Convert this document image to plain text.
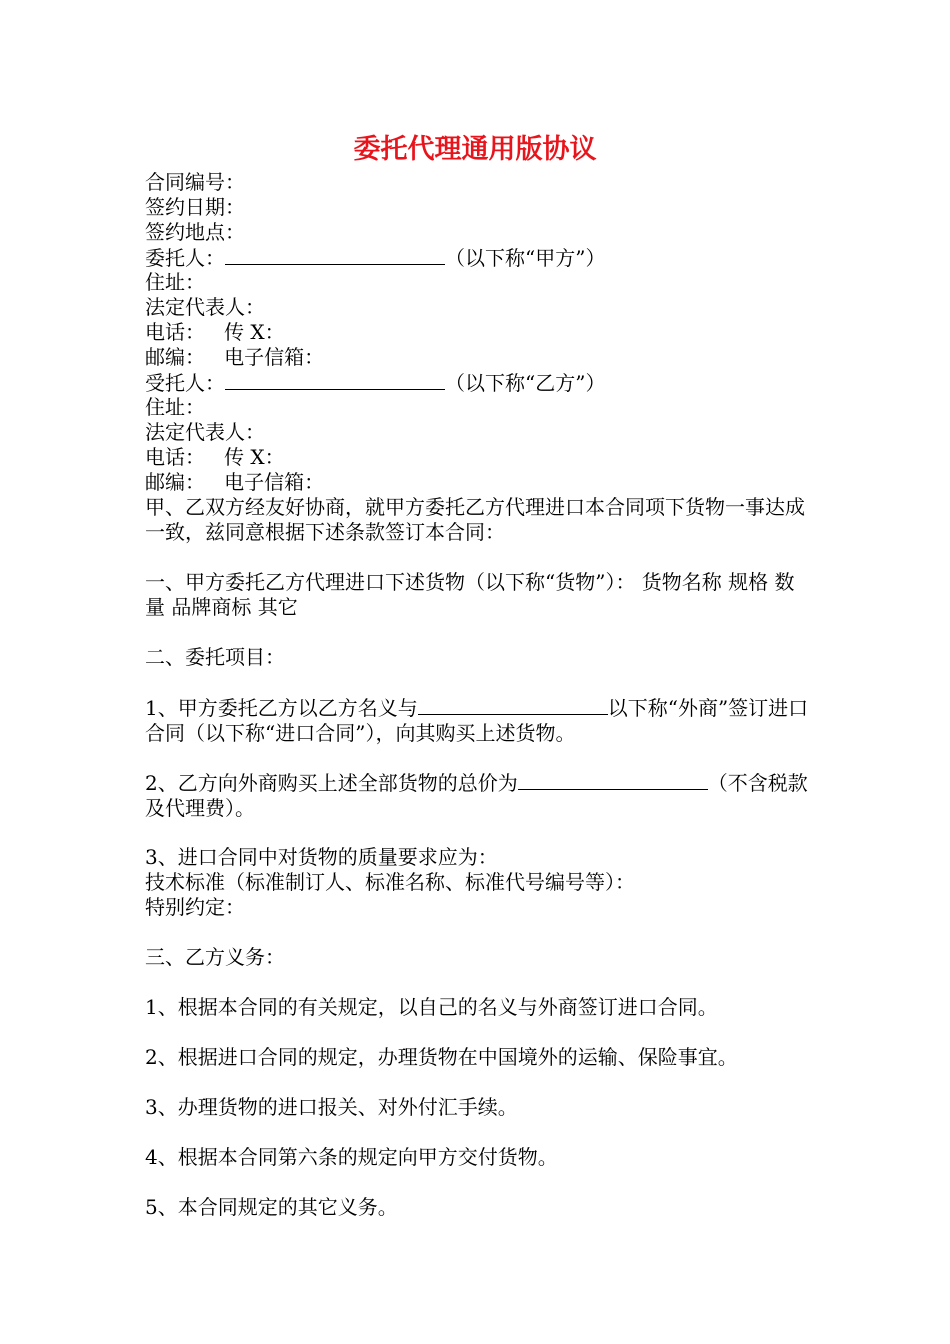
委托代理通用版协议
合同编号：
签约日期：
签约地点：
委托人：	（以下称“甲方”）
住址：
法定代表人：
电话： 传 X：
邮编： 电子信箱：
受托人：	（以下称“乙方”）
住址：
法定代表人：
电话： 传 X：
邮编： 电子信箱：
甲、乙双方经友好协商，就甲方委托乙方代理进口本合同项下货物一事达成一致，兹同意根据下述条款签订本合同：
一、甲方委托乙方代理进口下述货物（以下称“货物”）： 货物名称 规格 数量 品牌商标 其它
二、委托项目：
1、甲方委托乙方以乙方名义与	以下称“外商”签订进口合同（以下称“进口合同”），向其购买上述货物。
2、乙方向外商购买上述全部货物的总价为	（不含税款及代理费）。
3、进口合同中对货物的质量要求应为：
技术标准（标准制订人、标准名称、标准代号编号等）：
特别约定：
三、乙方义务：
1、根据本合同的有关规定，以自己的名义与外商签订进口合同。
2、根据进口合同的规定，办理货物在中国境外的运输、保险事宜。
3、办理货物的进口报关、对外付汇手续。
4、根据本合同第六条的规定向甲方交付货物。
5、本合同规定的其它义务。
